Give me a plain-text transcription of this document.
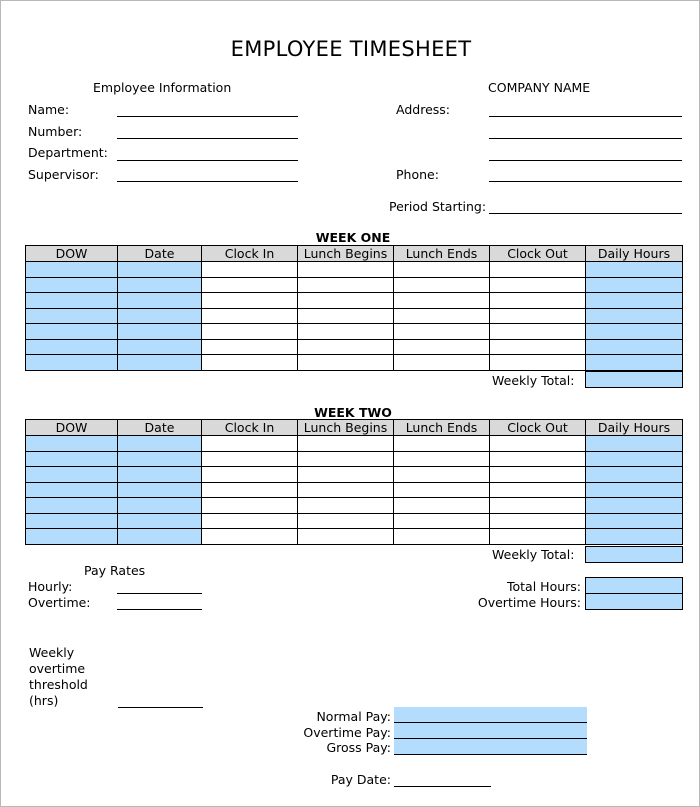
EMPLOYEE TIMESHEET
Employee Information
Name:
Number:
Department:
Supervisor:
COMPANY NAME
Address:
Phone:
Period Starting:
WEEK ONE
DOW	Date	Clock In	Lunch Begins	Lunch Ends	Clock Out	Daily Hours

Weekly Total:
WEEK TWO
DOW	Date	Clock In	Lunch Begins	Lunch Ends	Clock Out	Daily Hours

Weekly Total:
Pay Rates
Hourly:
Overtime:
Total Hours:
Overtime Hours:
Weekly
overtime
threshold
(hrs)
Normal Pay:
Overtime Pay:
Gross Pay:
Pay Date:
